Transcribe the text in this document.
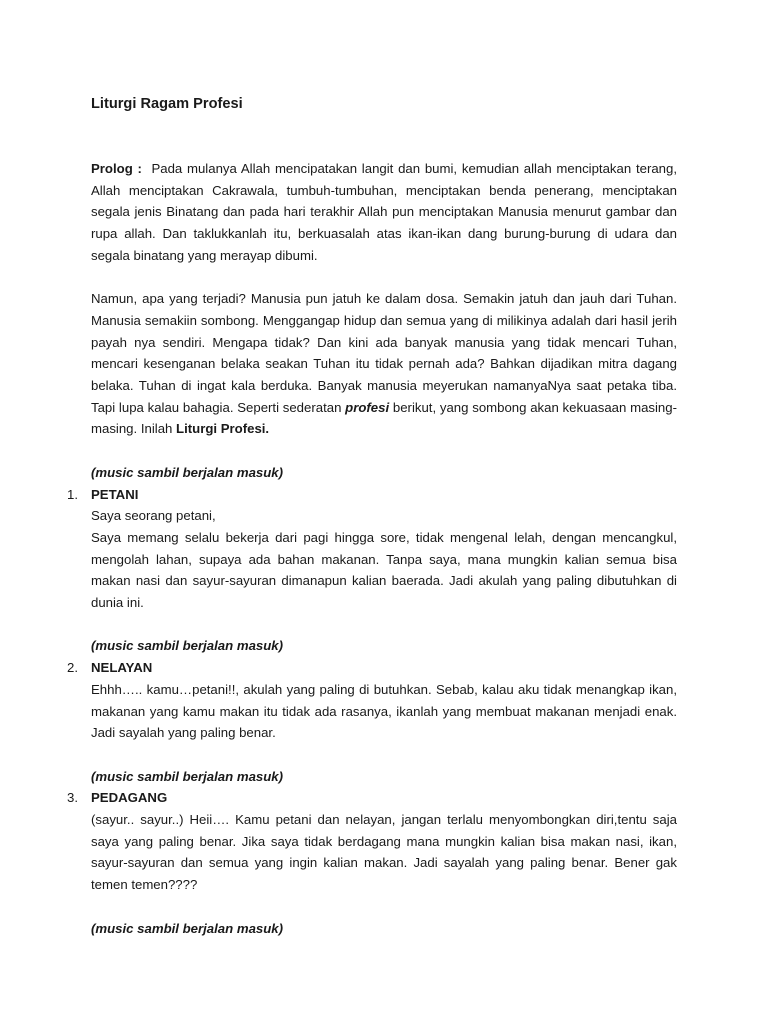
Liturgi Ragam Profesi

Prolog : Pada mulanya Allah mencipatakan langit dan bumi, kemudian allah menciptakan terang, Allah menciptakan Cakrawala, tumbuh-tumbuhan, menciptakan benda penerang, menciptakan segala jenis Binatang dan pada hari terakhir Allah pun menciptakan Manusia menurut gambar dan rupa allah. Dan taklukkanlah itu, berkuasalah atas ikan-ikan dang burung-burung di udara dan segala binatang yang merayap dibumi.

Namun, apa yang terjadi? Manusia pun jatuh ke dalam dosa. Semakin jatuh dan jauh dari Tuhan. Manusia semakiin sombong. Menggangap hidup dan semua yang di milikinya adalah dari hasil jerih payah nya sendiri. Mengapa tidak? Dan kini ada banyak manusia yang tidak mencari Tuhan, mencari kesenganan belaka seakan Tuhan itu tidak pernah ada? Bahkan dijadikan mitra dagang belaka. Tuhan di ingat kala berduka. Banyak manusia meyerukan namanyaNya saat petaka tiba. Tapi lupa kalau bahagia. Seperti sederatan profesi berikut, yang sombong akan kekuasaan masing-masing. Inilah Liturgi Profesi.

(music sambil berjalan masuk)

1. PETANI

Saya seorang petani,

Saya memang selalu bekerja dari pagi hingga sore, tidak mengenal lelah, dengan mencangkul, mengolah lahan, supaya ada bahan makanan. Tanpa saya, mana mungkin kalian semua bisa makan nasi dan sayur-sayuran dimanapun kalian baerada. Jadi akulah yang paling dibutuhkan di dunia ini.

(music sambil berjalan masuk)

2. NELAYAN

Ehhh….. kamu…petani!!, akulah yang paling di butuhkan. Sebab, kalau aku tidak menangkap ikan, makanan yang kamu makan itu tidak ada rasanya, ikanlah yang membuat makanan menjadi enak. Jadi sayalah yang paling benar.

(music sambil berjalan masuk)

3. PEDAGANG

(sayur.. sayur..) Heii…. Kamu petani dan nelayan, jangan terlalu menyombongkan diri,tentu saja saya yang paling benar. Jika saya tidak berdagang mana mungkin kalian bisa makan nasi, ikan, sayur-sayuran dan semua yang ingin kalian makan. Jadi sayalah yang paling benar. Bener gak temen temen????

(music sambil berjalan masuk)
